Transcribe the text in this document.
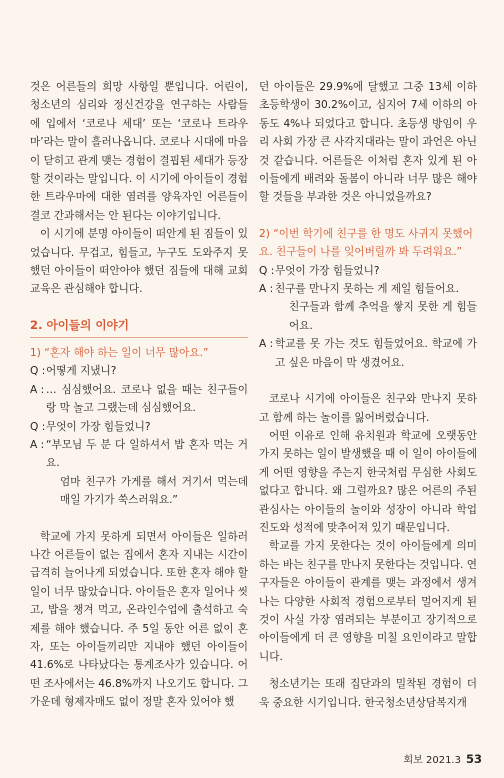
것은 어른들의 희망 사항일 뿐입니다. 어린이, 청소년의 심리와 정신건강을 연구하는 사람들에 입에서 ‘코로나 세대’ 또는 ‘코로나 트라우마’라는 말이 흘러나옵니다. 코로나 시대에 마음이 닫히고 관계 맺는 경험이 결핍된 세대가 등장할 것이라는 말입니다. 이 시기에 아이들이 경험한 트라우마에 대한 염려를 양육자인 어른들이 결코 간과해서는 안 된다는 이야기입니다.

이 시기에 분명 아이들이 떠안게 된 짐들이 있었습니다. 무겁고, 힘들고, 누구도 도와주지 못했던 아이들이 떠안아야 했던 짐들에 대해 교회 교육은 관심해야 합니다.

2. 아이들의 이야기
1) “혼자 해야 하는 일이 너무 많아요.”
Q : 어떻게 지냈니?
A : … 심심했어요. 코로나 없을 때는 친구들이랑 막 놀고 그랬는데 심심했어요.
Q : 무엇이 가장 힘들었니?
A : “부모님 두 분 다 일하셔서 밥 혼자 먹는 거요.

엄마 친구가 가게를 해서 거기서 먹는데 매일 가기가 쑥스러워요.”

학교에 가지 못하게 되면서 아이들은 일하러 나간 어른들이 없는 집에서 혼자 지내는 시간이 급격히 늘어나게 되었습니다. 또한 혼자 해야 할 일이 너무 많았습니다. 아이들은 혼자 일어나 씻고, 밥을 챙겨 먹고, 온라인수업에 출석하고 숙제를 해야 했습니다. 주 5일 동안 어른 없이 혼자, 또는 아이들끼리만 지내야 했던 아이들이 41.6%로 나타났다는 통계조사가 있습니다. 어떤 조사에서는 46.8%까지 나오기도 합니다. 그 가운데 형제자매도 없이 정말 혼자 있어야 했

던 아이들은 29.9%에 달했고 그중 13세 이하 초등학생이 30.2%이고, 심지어 7세 이하의 아동도 4%나 되었다고 합니다. 초등생 방임이 우리 사회 가장 큰 사각지대라는 말이 과언은 아닌 것 같습니다. 어른들은 이처럼 혼자 있게 된 아이들에게 배려와 돌봄이 아니라 너무 많은 해야 할 것들을 부과한 것은 아니었을까요?

2) “이번 학기에 친구를 한 명도 사귀지 못했어요. 친구들이 나를 잊어버릴까 봐 두려워요.”
Q : 무엇이 가장 힘들었니?
A : 친구를 만나지 못하는 게 제일 힘들어요.

친구들과 함께 추억을 쌓지 못한 게 힘들어요.

A : 학교를 못 가는 것도 힘들었어요. 학교에 가고 싶은 마음이 막 생겼어요.

코로나 시기에 아이들은 친구와 만나지 못하고 함께 하는 놀이를 잃어버렸습니다.

어떤 이유로 인해 유치원과 학교에 오랫동안 가지 못하는 일이 발생했을 때 이 일이 아이들에게 어떤 영향을 주는지 한국처럼 무심한 사회도 없다고 합니다. 왜 그럴까요? 많은 어른의 주된 관심사는 아이들의 놀이와 성장이 아니라 학업 진도와 성적에 맞추어져 있기 때문입니다.

학교를 가지 못한다는 것이 아이들에게 의미하는 바는 친구를 만나지 못한다는 것입니다. 연구자들은 아이들이 관계를 맺는 과정에서 생겨나는 다양한 사회적 경험으로부터 멀어지게 된 것이 사실 가장 염려되는 부분이고 장기적으로 아이들에게 더 큰 영향을 미칠 요인이라고 말합니다.

청소년기는 또래 집단과의 밀착된 경험이 더욱 중요한 시기입니다. 한국청소년상담복지개

회보 2021.3 53
